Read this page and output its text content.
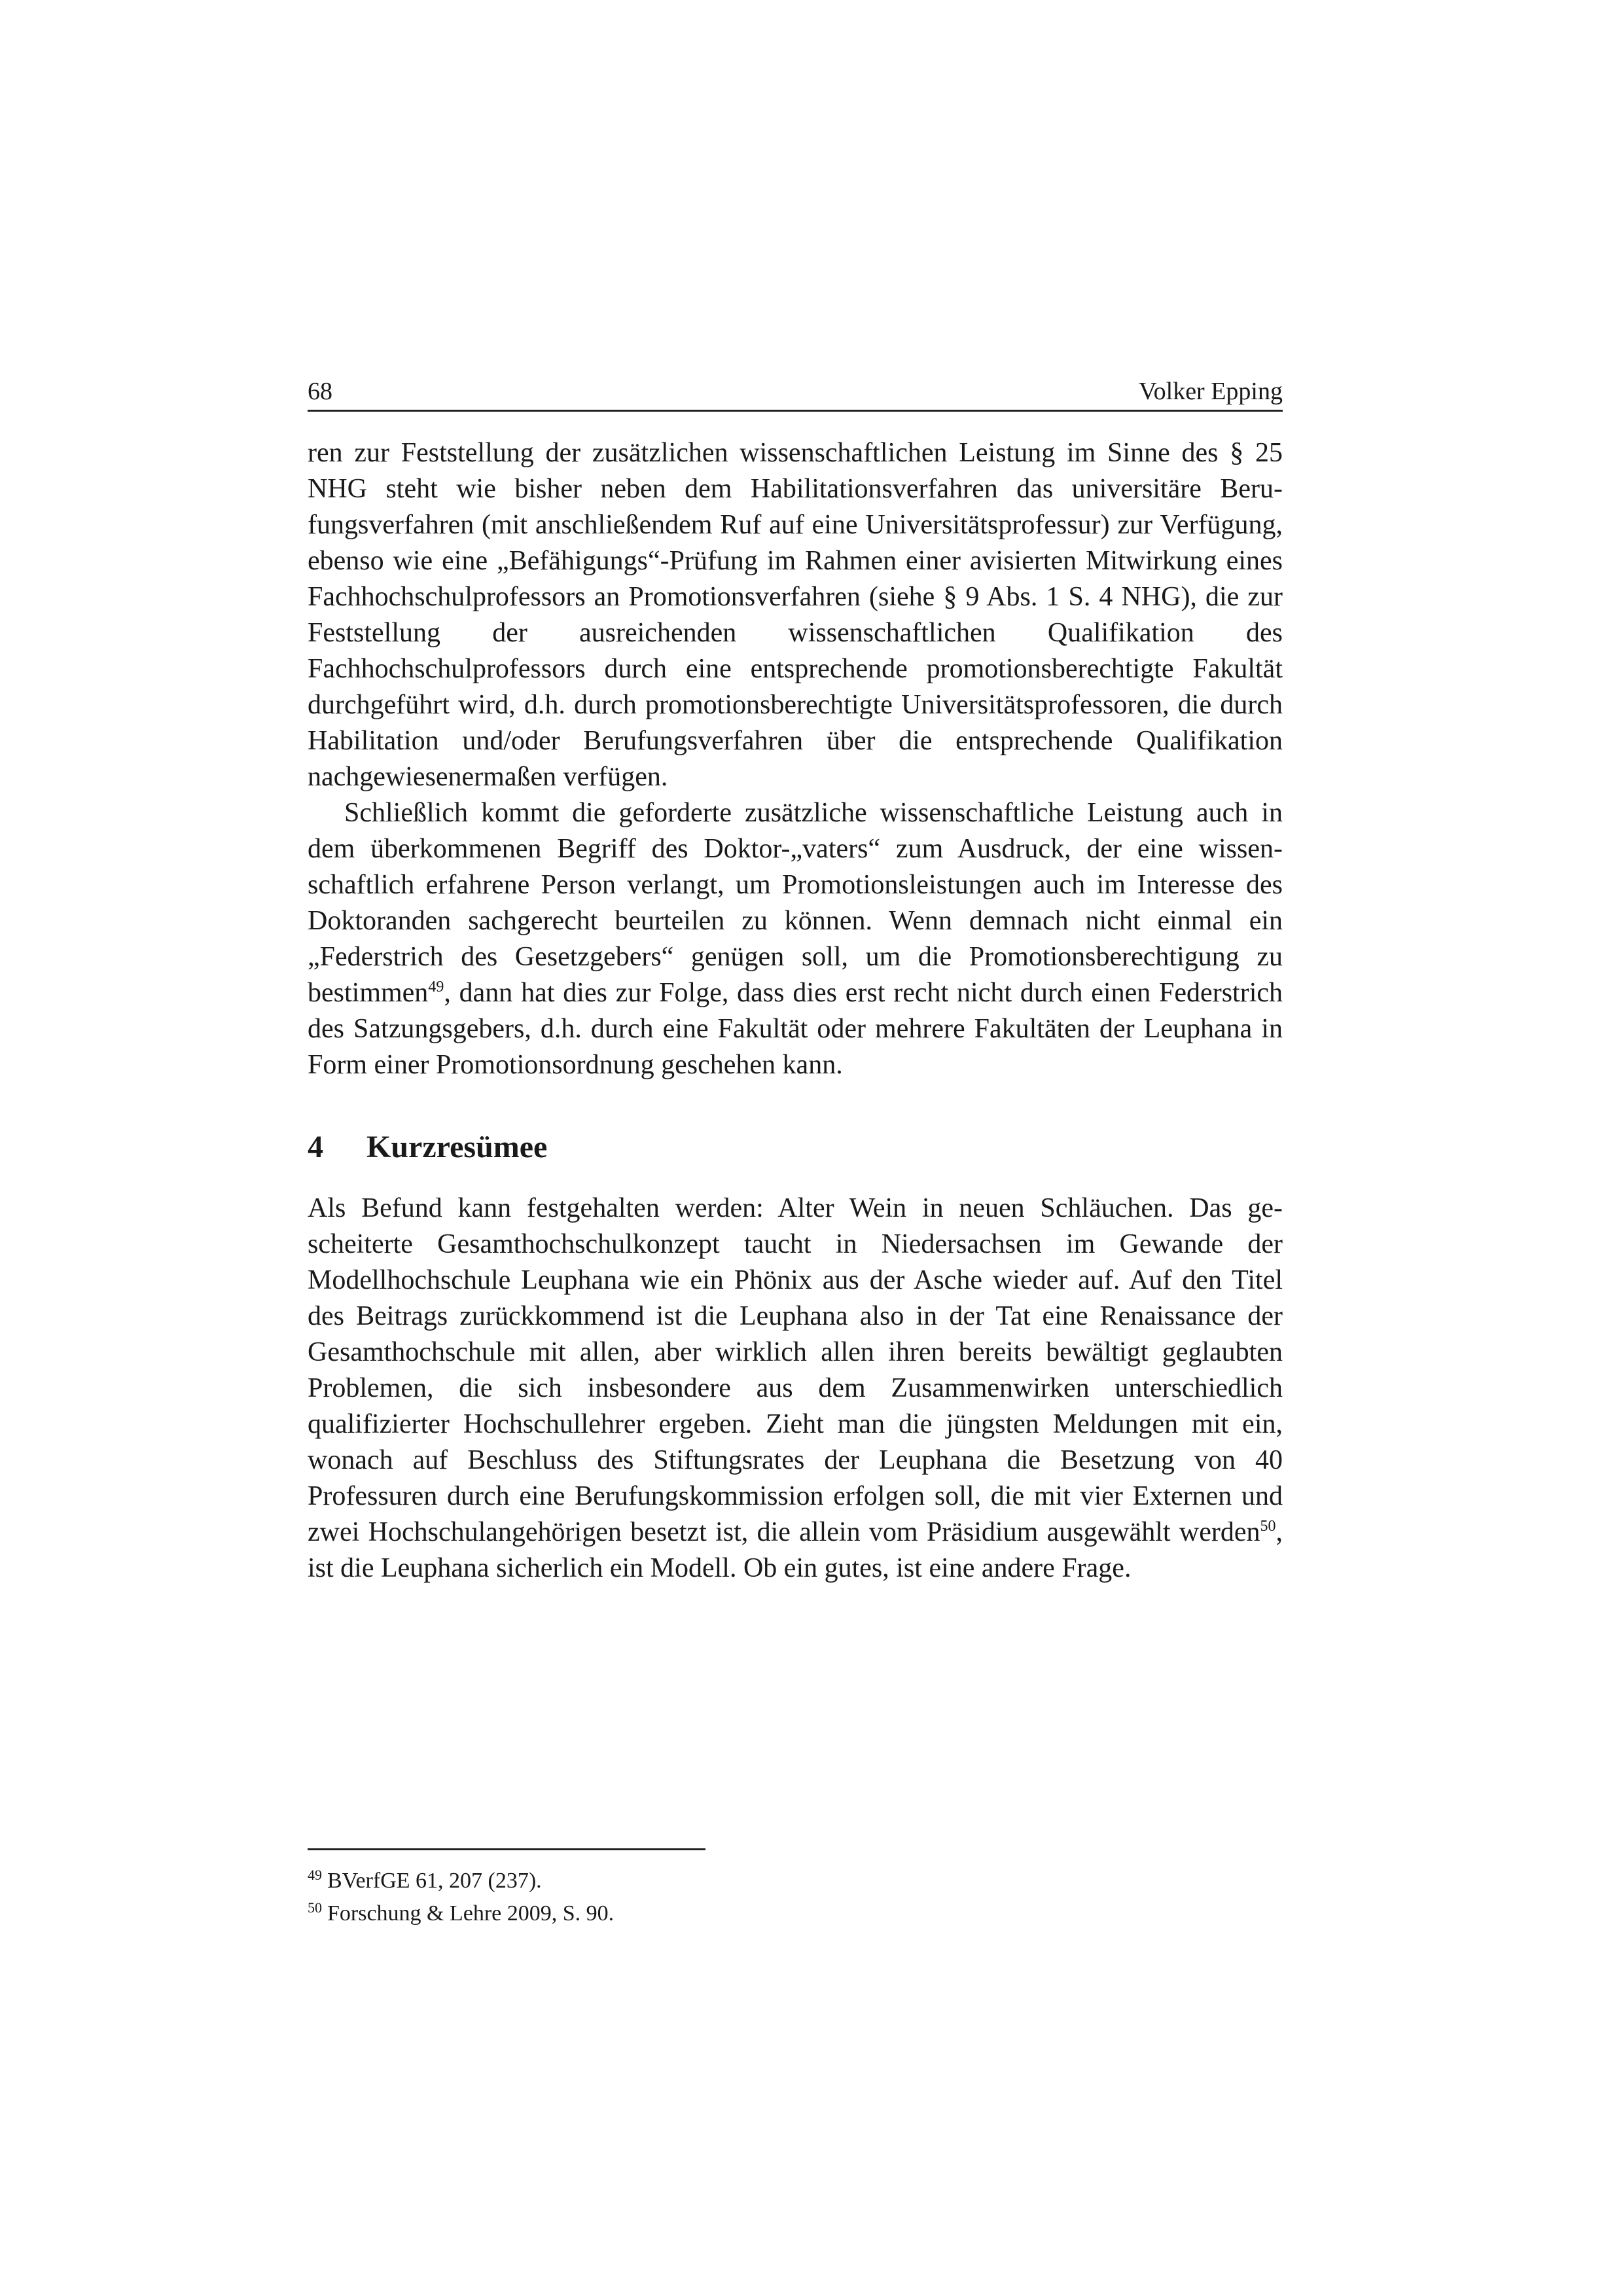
68	Volker Epping

ren zur Feststellung der zusätzlichen wissenschaftlichen Leistung im Sinne des § 25 NHG steht wie bisher neben dem Habilitationsverfahren das universitäre Berufungsverfahren (mit anschließendem Ruf auf eine Universitätsprofessur) zur Verfügung, ebenso wie eine „Befähigungs“-Prüfung im Rahmen einer avisierten Mitwirkung eines Fachhochschulprofessors an Promotionsverfahren (siehe § 9 Abs. 1 S. 4 NHG), die zur Feststellung der ausreichenden wissenschaftlichen Qualifikation des Fachhochschulprofessors durch eine entsprechende promotionsberechtigte Fakultät durchgeführt wird, d.h. durch promotionsberechtigte Universitätsprofessoren, die durch Habilitation und/oder Berufungsverfahren über die entsprechende Qualifikation nachgewiesenermaßen verfügen.

Schließlich kommt die geforderte zusätzliche wissenschaftliche Leistung auch in dem überkommenen Begriff des Doktor-„vaters“ zum Ausdruck, der eine wissenschaftlich erfahrene Person verlangt, um Promotionsleistungen auch im Interesse des Doktoranden sachgerecht beurteilen zu können. Wenn demnach nicht einmal ein „Federstrich des Gesetzgebers“ genügen soll, um die Promotionsberechtigung zu bestimmen$^{49}$, dann hat dies zur Folge, dass dies erst recht nicht durch einen Federstrich des Satzungsgebers, d.h. durch eine Fakultät oder mehrere Fakultäten der Leuphana in Form einer Promotionsordnung geschehen kann.

4 Kurzresümee

Als Befund kann festgehalten werden: Alter Wein in neuen Schläuchen. Das gescheiterte Gesamthochschulkonzept taucht in Niedersachsen im Gewande der Modellhochschule Leuphana wie ein Phönix aus der Asche wieder auf. Auf den Titel des Beitrags zurückkommend ist die Leuphana also in der Tat eine Renaissance der Gesamthochschule mit allen, aber wirklich allen ihren bereits bewältigt geglaubten Problemen, die sich insbesondere aus dem Zusammenwirken unterschiedlich qualifizierter Hochschullehrer ergeben. Zieht man die jüngsten Meldungen mit ein, wonach auf Beschluss des Stiftungsrates der Leuphana die Besetzung von 40 Professuren durch eine Berufungskommission erfolgen soll, die mit vier Externen und zwei Hochschulangehörigen besetzt ist, die allein vom Präsidium ausgewählt werden$^{50}$, ist die Leuphana sicherlich ein Modell. Ob ein gutes, ist eine andere Frage.

$^{49}$ BVerfGE 61, 207 (237).

$^{50}$ Forschung & Lehre 2009, S. 90.
